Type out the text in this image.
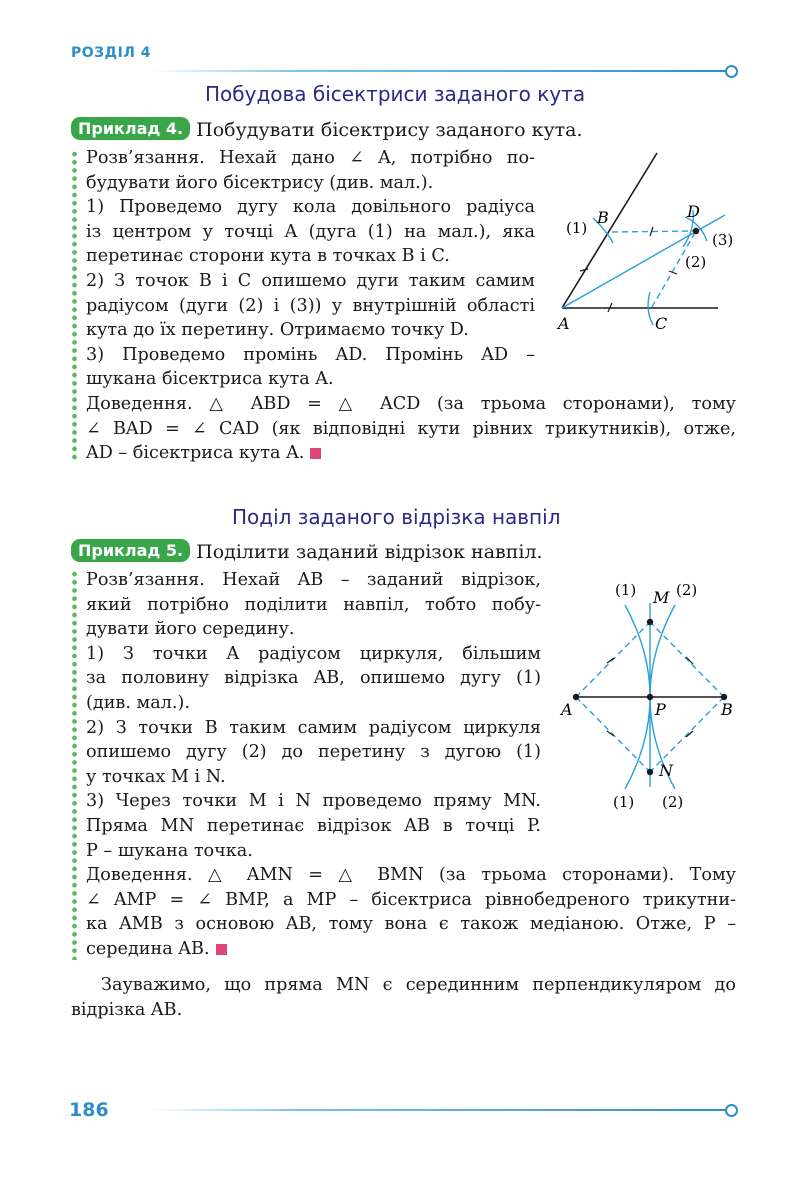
РОЗДІЛ 4
Побудова бісектриси заданого кута
Приклад 4. Побудувати бісектрису заданого кута.
Розв’язання. Нехай дано ∠ A, потрібно по-
будувати його бісектрису (див. мал.).
1) Проведемо дугу кола довільного радіуса
із центром у точці A (дуга (1) на мал.), яка
перетинає сторони кута в точках B і C.
2) З точок B і C опишемо дуги таким самим
радіусом (дуги (2) і (3)) у внутрішній області
кута до їх перетину. Отримаємо точку D.
3) Проведемо промінь AD. Промінь AD –
шукана бісектриса кута A.
Доведення. △ ABD = △ ACD (за трьома сторонами), тому
∠ BAD = ∠ CAD (як відповідні кути рівних трикутників), отже,
AD – бісектриса кута A.
A
B
C
D
(1)
(2)
(3)
Поділ заданого відрізка навпіл
Приклад 5. Поділити заданий відрізок навпіл.
Розв’язання. Нехай AB – заданий відрізок,
який потрібно поділити навпіл, тобто побу-
дувати його середину.
1) З точки A радіусом циркуля, більшим
за половину відрізка AB, опишемо дугу (1)
(див. мал.).
2) З точки B таким самим радіусом циркуля
опишемо дугу (2) до перетину з дугою (1)
у точках M і N.
3) Через точки M і N проведемо пряму MN.
Пряма MN перетинає відрізок AB в точці P.
P – шукана точка.
Доведення. △ AMN = △ BMN (за трьома сторонами). Тому
∠ AMP = ∠ BMP, а MP – бісектриса рівнобедреного трикутни-
ка AMB з основою AB, тому вона є також медіаною. Отже, P –
середина AB.
A	B
M
N
P
(1)	(2)
(1) (2)
Зауважимо, що пряма MN є серединним перпендикуляром до
відрізка AB.
186
